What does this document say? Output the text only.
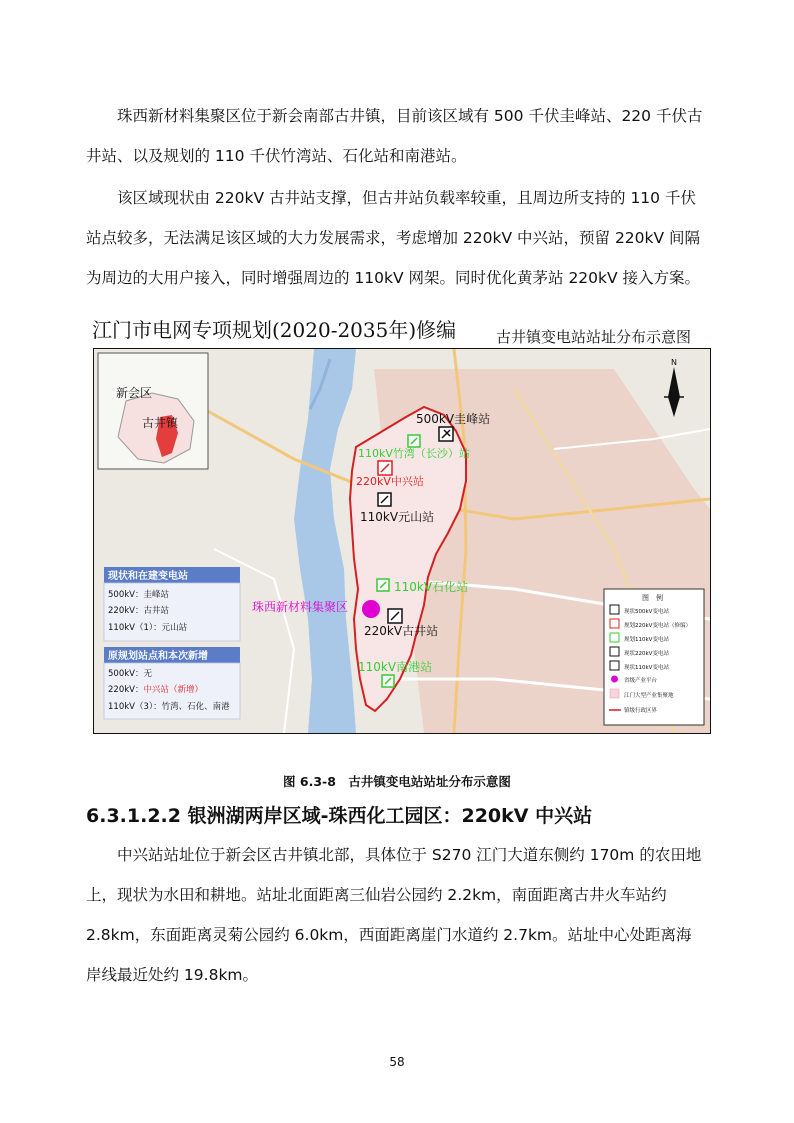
珠西新材料集聚区位于新会南部古井镇，目前该区域有 500 千伏圭峰站、220 千伏古
井站、以及规划的 110 千伏竹湾站、石化站和南港站。

该区域现状由 220kV 古井站支撑，但古井站负载率较重，且周边所支持的 110 千伏
站点较多，无法满足该区域的大力发展需求，考虑增加 220kV 中兴站，预留 220kV 间隔
为周边的大用户接入，同时增强周边的 110kV 网架。同时优化黄茅站 220kV 接入方案。

江门市电网专项规划(2020-2035年)修编	古井镇变电站站址分布示意图
新会区
古井镇
N
500kV圭峰站
110kV竹湾（长沙）站
220kV中兴站
110kV元山站
110kV石化站
珠西新材料集聚区
220kV古井站
110kV南港站
现状和在建变电站
500kV：圭峰站
220kV：古井站
110kV（1）：元山站
原规划站点和本次新增
500kV：无
220kV：中兴站（新增）
110kV（3）：竹湾、石化、南港
图　例
现状500kV变电站
规划220kV变电站（修编）
规划110kV变电站
现状220kV变电站
现状110kV变电站
省级产业平台
江门大型产业集聚地
镇级行政区界
图 6.3-8　古井镇变电站站址分布示意图
6.3.1.2.2 银洲湖两岸区域-珠西化工园区：220kV 中兴站

中兴站站址位于新会区古井镇北部，具体位于 S270 江门大道东侧约 170m 的农田地
上，现状为水田和耕地。站址北面距离三仙岩公园约 2.2km，南面距离古井火车站约
2.8km，东面距离灵菊公园约 6.0km，西面距离崖门水道约 2.7km。站址中心处距离海
岸线最近处约 19.8km。

58
